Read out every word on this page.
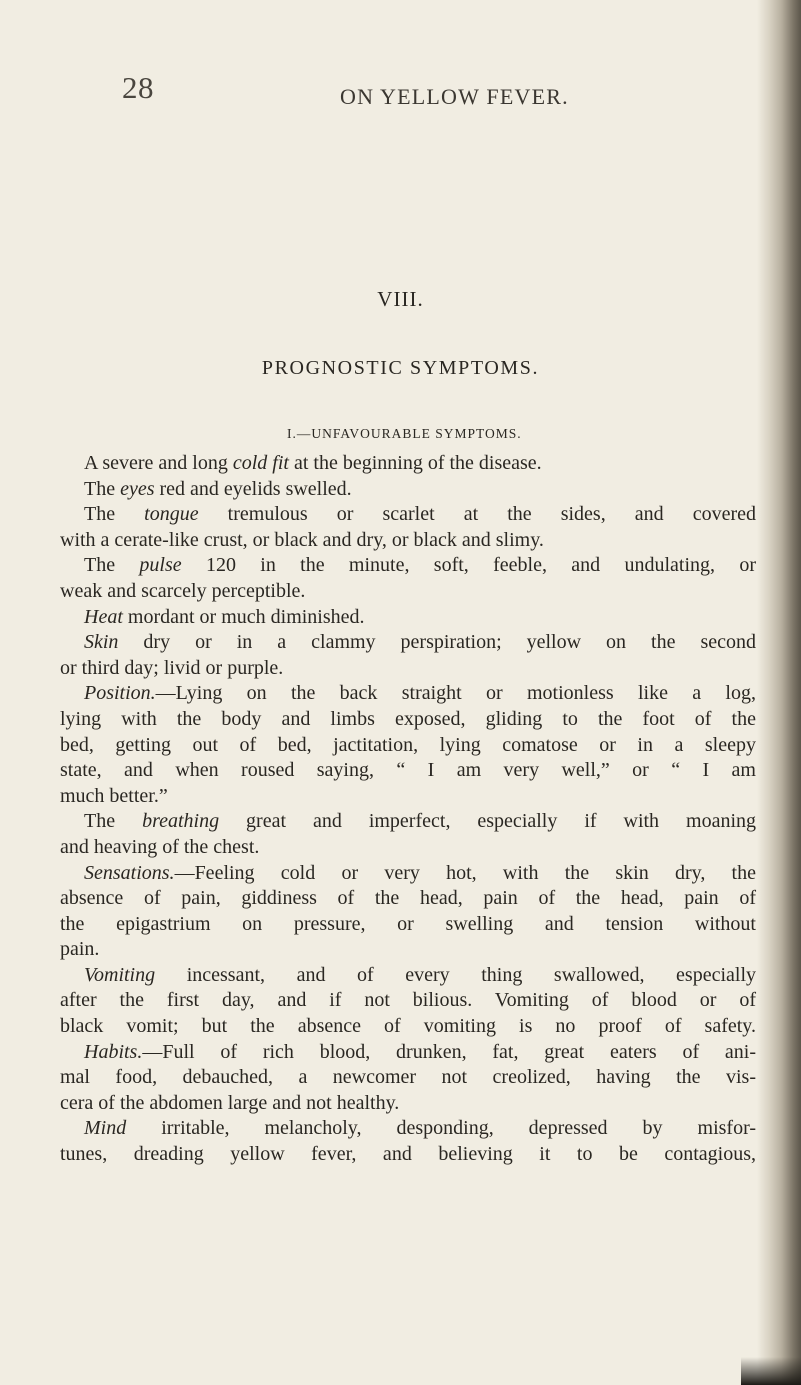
28	ON YELLOW FEVER.
VIII.
PROGNOSTIC SYMPTOMS.
I.—UNFAVOURABLE SYMPTOMS.
A severe and long cold fit at the beginning of the disease.
The eyes red and eyelids swelled.
The tongue tremulous or scarlet at the sides, and covered
with a cerate-like crust, or black and dry, or black and slimy.
The pulse 120 in the minute, soft, feeble, and undulating, or
weak and scarcely perceptible.
Heat mordant or much diminished.
Skin dry or in a clammy perspiration; yellow on the second
or third day; livid or purple.
Position.—Lying on the back straight or motionless like a log,
lying with the body and limbs exposed, gliding to the foot of the
bed, getting out of bed, jactitation, lying comatose or in a sleepy
state, and when roused saying, “ I am very well,” or “ I am
much better.”
The breathing great and imperfect, especially if with moaning
and heaving of the chest.
Sensations.—Feeling cold or very hot, with the skin dry, the
absence of pain, giddiness of the head, pain of the head, pain of
the epigastrium on pressure, or swelling and tension without
pain.
Vomiting incessant, and of every thing swallowed, especially
after the first day, and if not bilious. Vomiting of blood or of
black vomit; but the absence of vomiting is no proof of safety.
Habits.—Full of rich blood, drunken, fat, great eaters of ani-
mal food, debauched, a newcomer not creolized, having the vis-
cera of the abdomen large and not healthy.
Mind irritable, melancholy, desponding, depressed by misfor-
tunes, dreading yellow fever, and believing it to be contagious,
